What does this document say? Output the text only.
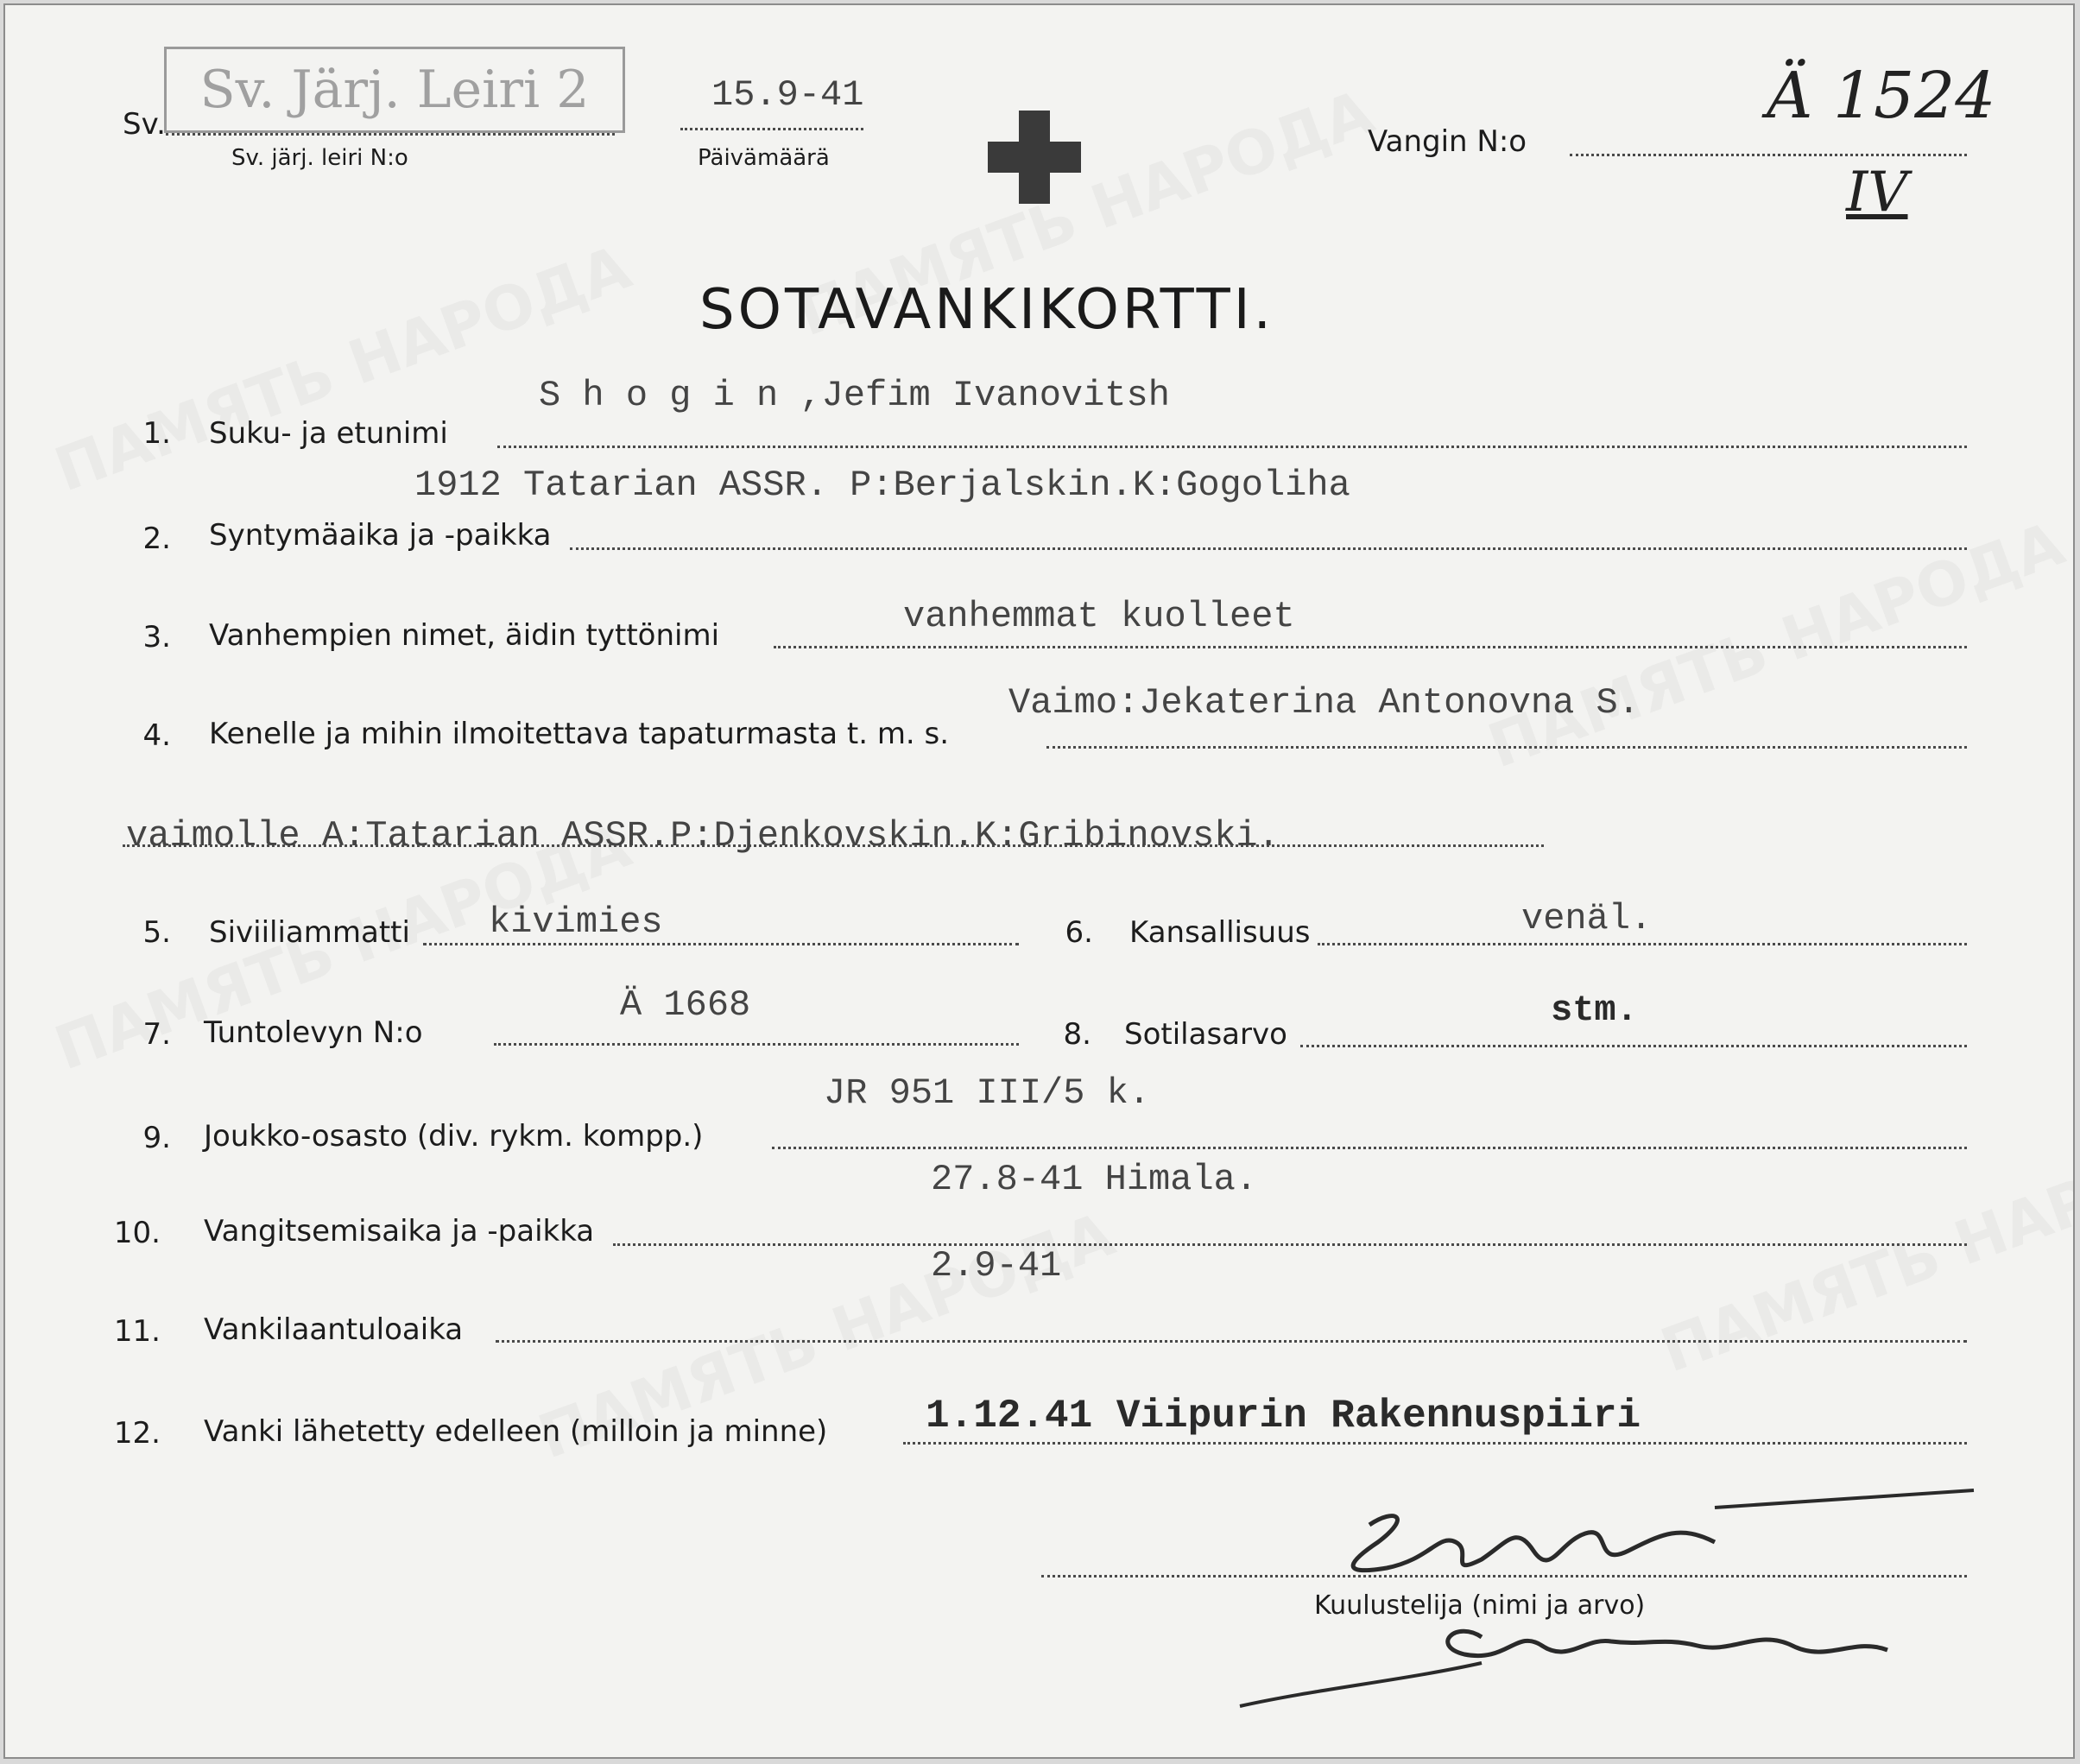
Sv.
Sv. Järj. Leiri 2
Sv. järj. leiri N:o
15.9-41
Päivämäärä	Vangin N:o
Ä 1524
IV
SOTAVANKIKORTTI.
1. Suku- ja etunimi
S h o g i n ,Jefim Ivanovitsh
2. Syntymäaika ja -paikka
1912 Tatarian ASSR. P:Berjalskin.K:Gogoliha
3. Vanhempien nimet, äidin tyttönimi	vanhemmat kuolleet
4. Kenelle ja mihin ilmoitettava tapaturmasta t. m. s.
Vaimo:Jekaterina Antonovna S.
vaimolle A:Tatarian ASSR.P:Djenkovskin.K:Gribinovski.
5. Siviiliammatti kivimies	6. Kansallisuus	venäl.
7. Tuntolevyn N:o
Ä 1668
8. Sotilasarvo
stm.
9. Joukko-osasto (div. rykm. kompp.)
JR 951 III/5 k.
10. Vangitsemisaika ja -paikka
27.8-41 Himala.
11. Vankilaantuloaika
2.9-41
12. Vanki lähetetty edelleen (milloin ja minne) 1.12.41 Viipurin Rakennuspiiri
Kuulustelija (nimi ja arvo)
